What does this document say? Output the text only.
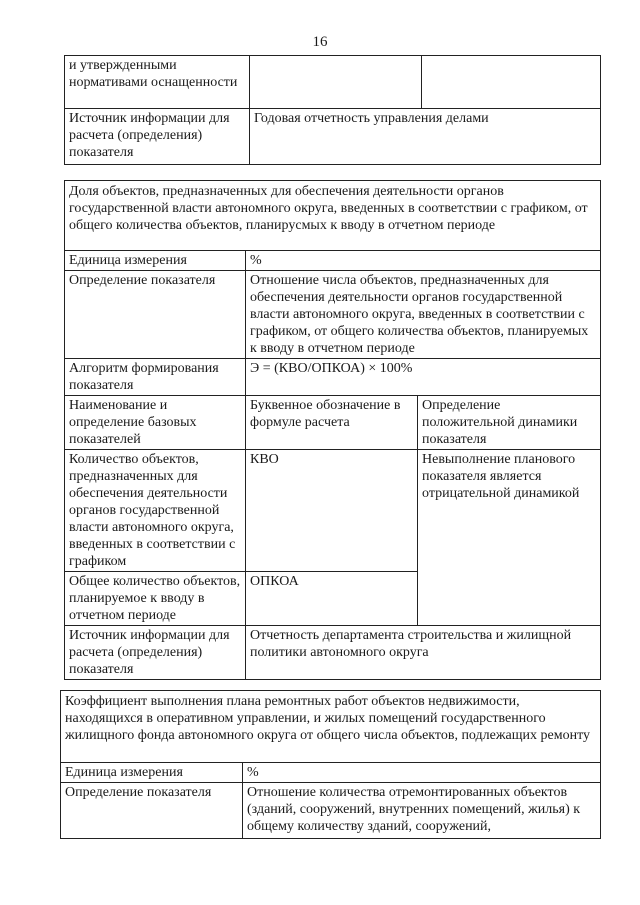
16
и утвержденными нормативами оснащенности		
Источник информации для расчета (определения) показателя	Годовая отчетность управления делами	
Доля объектов, предназначенных для обеспечения деятельности органов государственной власти автономного округа, введенных в соответствии с графиком, от общего количества объектов, планирусмых к вводу в отчетном периоде		
Единица измерения	%	
Определение показателя	Отношение числа объектов, предназначенных для обеспечения деятельности органов государственной власти автономного округа, введенных в соответствии с графиком, от общего количества объектов, планируемых к вводу в отчетном периоде	
Алгоритм формирования показателя	Э = (КВО/ОПКОА) × 100%	
Наименование и определение базовых показателей	Буквенное обозначение в формуле расчета	Определение положительной динамики показателя
Количество объектов, предназначенных для обеспечения деятельности органов государственной власти автономного округа, введенных в соответствии с графиком	КВО	Невыполнение планового показателя является отрицательной динамикой
Общее количество объектов, планируемое к вводу в отчетном периоде	ОПКОА	
Источник информации для расчета (определения) показателя	Отчетность департамента строительства и жилищной политики автономного округа	
Коэффициент выполнения плана ремонтных работ объектов недвижимости, находящихся в оперативном управлении, и жилых помещений государственного жилищного фонда автономного округа от общего числа объектов, подлежащих ремонту	
Единица измерения	%
Определение показателя	Отношение количества отремонтированных объектов (зданий, сооружений, внутренних помещений, жилья) к общему количеству зданий, сооружений,
